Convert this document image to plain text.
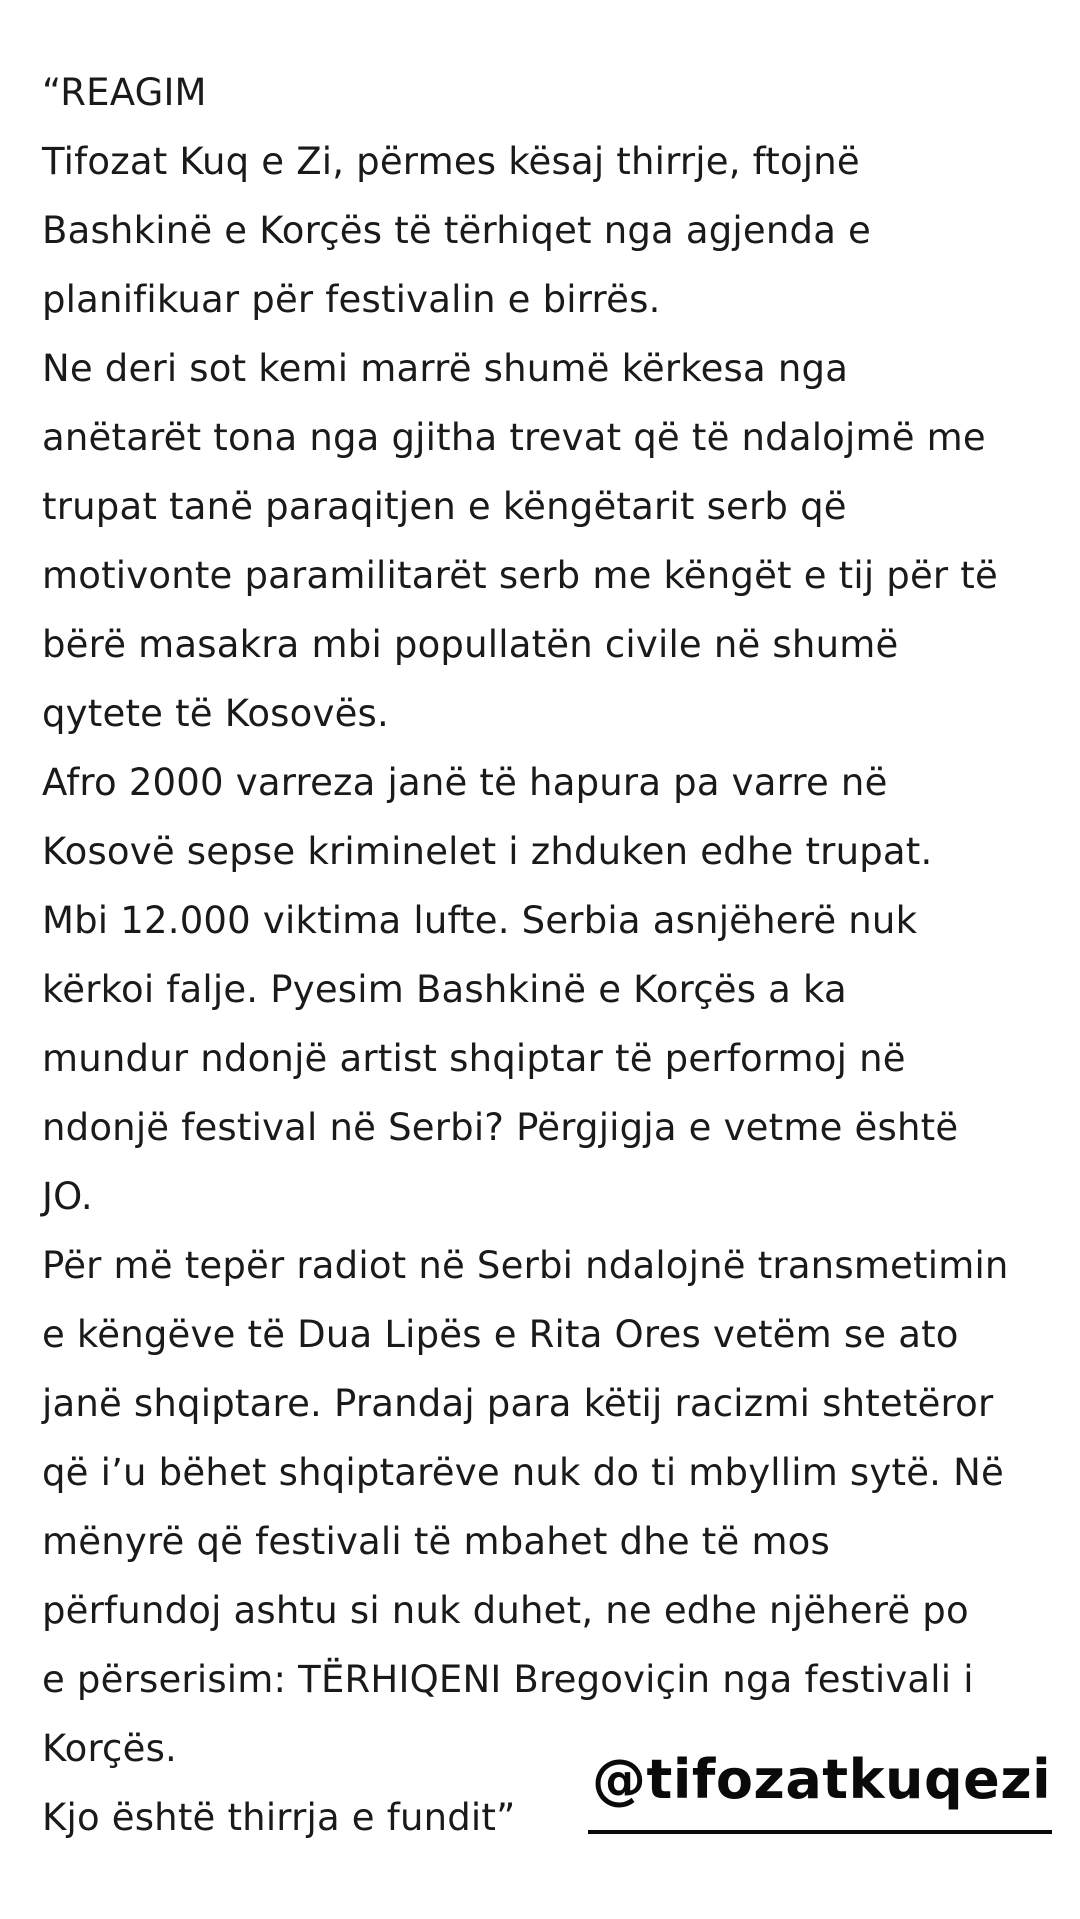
“REAGIM
Tifozat Kuq e Zi, përmes kësaj thirrje, ftojnë
Bashkinë e Korçës të tërhiqet nga agjenda e
planifikuar për festivalin e birrës.
Ne deri sot kemi marrë shumë kërkesa nga
anëtarët tona nga gjitha trevat që të ndalojmë me
trupat tanë paraqitjen e këngëtarit serb që
motivonte paramilitarët serb me këngët e tij për të
bërë masakra mbi popullatën civile në shumë
qytete të Kosovës.
Afro 2000 varreza janë të hapura pa varre në
Kosovë sepse kriminelet i zhduken edhe trupat.
Mbi 12.000 viktima lufte. Serbia asnjëherë nuk
kërkoi falje. Pyesim Bashkinë e Korçës a ka
mundur ndonjë artist shqiptar të performoj në
ndonjë festival në Serbi? Përgjigja e vetme është
JO.
Për më tepër radiot në Serbi ndalojnë transmetimin
e këngëve të Dua Lipës e Rita Ores vetëm se ato
janë shqiptare. Prandaj para këtij racizmi shtetëror
që i’u bëhet shqiptarëve nuk do ti mbyllim sytë. Në
mënyrë që festivali të mbahet dhe të mos
përfundoj ashtu si nuk duhet, ne edhe njëherë po
e përserisim: TËRHIQENI Bregoviçin nga festivali i
Korçës.
Kjo është thirrja e fundit”
@tifozatkuqezi
